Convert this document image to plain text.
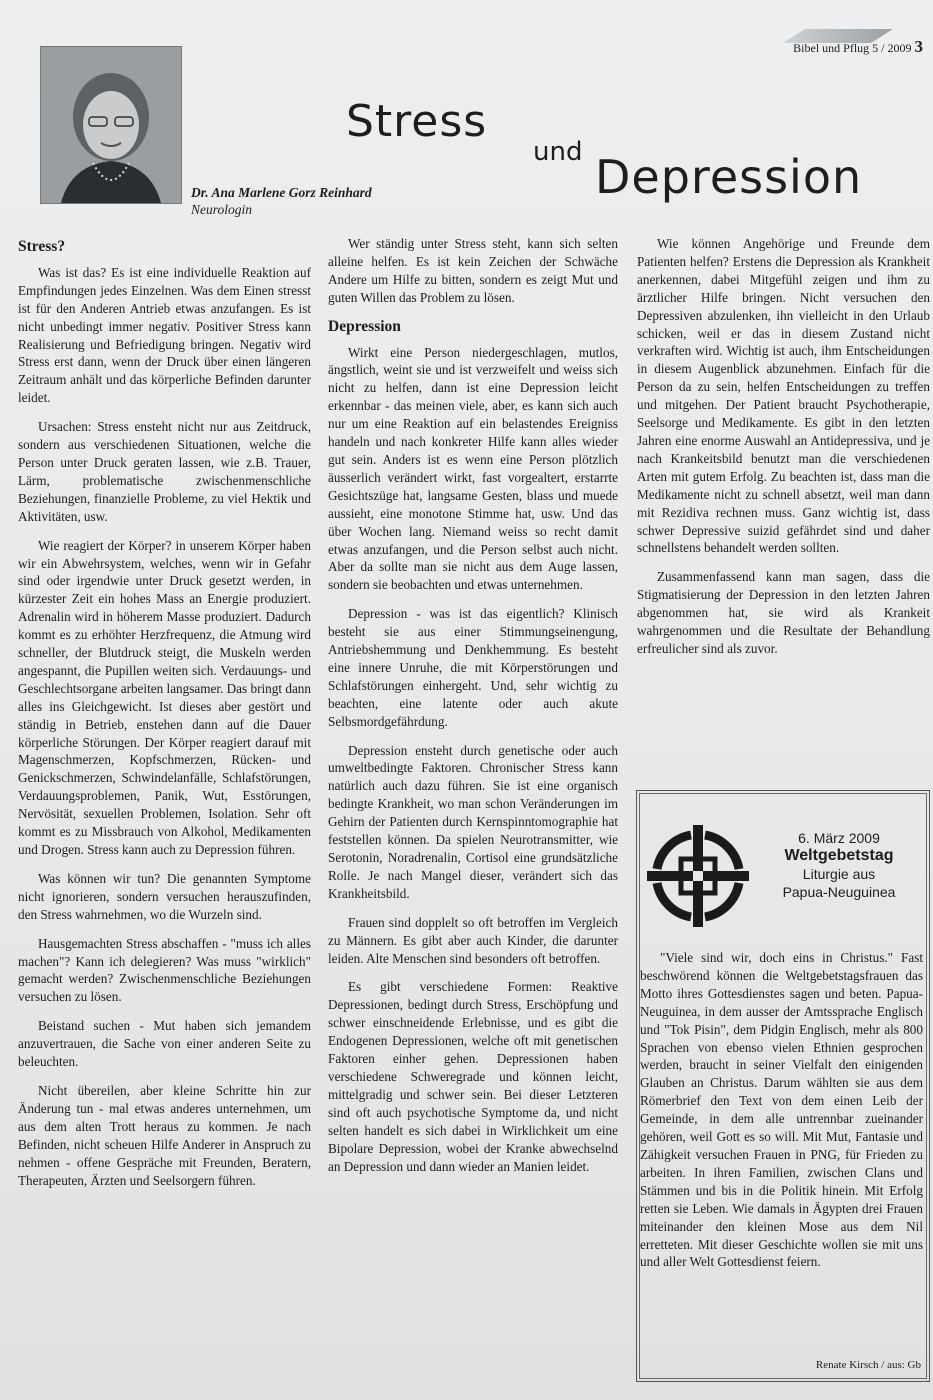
Bibel und Pflug 5 / 2009 3
Dr. Ana Marlene Gorz Reinhard
Neurologin
Stress
und Depression
Stress?

Was ist das? Es ist eine individuelle Reaktion auf Empfindungen jedes Einzelnen. Was dem Einen stresst ist für den Anderen Antrieb etwas anzufangen. Es ist nicht unbedingt immer negativ. Positiver Stress kann Realisierung und Befriedigung bringen. Negativ wird Stress erst dann, wenn der Druck über einen längeren Zeitraum anhält und das körperliche Befinden darunter leidet.

Ursachen: Stress ensteht nicht nur aus Zeitdruck, sondern aus verschiedenen Situationen, welche die Person unter Druck geraten lassen, wie z.B. Trauer, Lärm, problematische zwischenmenschliche Beziehungen, finanzielle Probleme, zu viel Hektik und Aktivitäten, usw.

Wie reagiert der Körper? in unserem Körper haben wir ein Abwehrsystem, welches, wenn wir in Gefahr sind oder irgendwie unter Druck gesetzt werden, in kürzester Zeit ein hohes Mass an Energie produziert. Adrenalin wird in höherem Masse produziert. Dadurch kommt es zu erhöhter Herzfrequenz, die Atmung wird schneller, der Blutdruck steigt, die Muskeln werden angespannt, die Pupillen weiten sich. Verdauungs- und Geschlechtsorgane arbeiten langsamer. Das bringt dann alles ins Gleichgewicht. Ist dieses aber gestört und ständig in Betrieb, enstehen dann auf die Dauer körperliche Störungen. Der Körper reagiert darauf mit Magenschmerzen, Kopfschmerzen, Rücken- und Genickschmerzen, Schwindelanfälle, Schlafstörungen, Verdauungsproblemen, Panik, Wut, Esstörungen, Nervösität, sexuellen Problemen, Isolation. Sehr oft kommt es zu Missbrauch von Alkohol, Medikamenten und Drogen. Stress kann auch zu Depression führen.

Was können wir tun? Die genannten Symptome nicht ignorieren, sondern versuchen herauszufinden, den Stress wahrnehmen, wo die Wurzeln sind.

Hausgemachten Stress abschaffen - "muss ich alles machen"? Kann ich delegieren? Was muss "wirklich" gemacht werden? Zwischenmenschliche Beziehungen versuchen zu lösen.

Beistand suchen - Mut haben sich jemandem anzuvertrauen, die Sache von einer anderen Seite zu beleuchten.

Nicht übereilen, aber kleine Schritte hin zur Änderung tun - mal etwas anderes unternehmen, um aus dem alten Trott heraus zu kommen. Je nach Befinden, nicht scheuen Hilfe Anderer in Anspruch zu nehmen - offene Gespräche mit Freunden, Beratern, Therapeuten, Ärzten und Seelsorgern führen.

Wer ständig unter Stress steht, kann sich selten alleine helfen. Es ist kein Zeichen der Schwäche Andere um Hilfe zu bitten, sondern es zeigt Mut und guten Willen das Problem zu lösen.

Depression

Wirkt eine Person niedergeschlagen, mutlos, ängstlich, weint sie und ist verzweifelt und weiss sich nicht zu helfen, dann ist eine Depression leicht erkennbar - das meinen viele, aber, es kann sich auch nur um eine Reaktion auf ein belastendes Ereigniss handeln und nach konkreter Hilfe kann alles wieder gut sein. Anders ist es wenn eine Person plötzlich äusserlich verändert wirkt, fast vorgealtert, erstarrte Gesichtszüge hat, langsame Gesten, blass und muede aussieht, eine monotone Stimme hat, usw. Und das über Wochen lang. Niemand weiss so recht damit etwas anzufangen, und die Person selbst auch nicht. Aber da sollte man sie nicht aus dem Auge lassen, sondern sie beobachten und etwas unternehmen.

Depression - was ist das eigentlich? Klinisch besteht sie aus einer Stimmungseinengung, Antriebshemmung und Denkhemmung. Es besteht eine innere Unruhe, die mit Körperstörungen und Schlafstörungen einhergeht. Und, sehr wichtig zu beachten, eine latente oder auch akute Selbsmordgefährdung.

Depression ensteht durch genetische oder auch umweltbedingte Faktoren. Chronischer Stress kann natürlich auch dazu führen. Sie ist eine organisch bedingte Krankheit, wo man schon Veränderungen im Gehirn der Patienten durch Kernspinntomographie hat feststellen können. Da spielen Neurotransmitter, wie Serotonin, Noradrenalin, Cortisol eine grundsätzliche Rolle. Je nach Mangel dieser, verändert sich das Krankheitsbild.

Frauen sind dopplelt so oft betroffen im Vergleich zu Männern. Es gibt aber auch Kinder, die darunter leiden. Alte Menschen sind besonders oft betroffen.

Es gibt verschiedene Formen: Reaktive Depressionen, bedingt durch Stress, Erschöpfung und schwer einschneidende Erlebnisse, und es gibt die Endogenen Depressionen, welche oft mit genetischen Faktoren einher gehen. Depressionen haben verschiedene Schweregrade und können leicht, mittelgradig und schwer sein. Bei dieser Letzteren sind oft auch psychotische Symptome da, und nicht selten handelt es sich dabei in Wirklichkeit um eine Bipolare Depression, wobei der Kranke abwechselnd an Depression und dann wieder an Manien leidet.

Wie können Angehörige und Freunde dem Patienten helfen? Erstens die Depression als Krankheit anerkennen, dabei Mitgefühl zeigen und ihm zu ärztlicher Hilfe bringen. Nicht versuchen den Depressiven abzulenken, ihn vielleicht in den Urlaub schicken, weil er das in diesem Zustand nicht verkraften wird. Wichtig ist auch, ihm Entscheidungen in diesem Augenblick abzunehmen. Einfach für die Person da zu sein, helfen Entscheidungen zu treffen und mitgehen. Der Patient braucht Psychotherapie, Seelsorge und Medikamente. Es gibt in den letzten Jahren eine enorme Auswahl an Antidepressiva, und je nach Krankeitsbild benutzt man die verschiedenen Arten mit gutem Erfolg. Zu beachten ist, dass man die Medikamente nicht zu schnell absetzt, weil man dann mit Rezidiva rechnen muss. Ganz wichtig ist, dass schwer Depressive suizid gefährdet sind und daher schnellstens behandelt werden sollten.

Zusammenfassend kann man sagen, dass die Stigmatisierung der Depression in den letzten Jahren abgenommen hat, sie wird als Krankeit wahrgenommen und die Resultate der Behandlung erfreulicher sind als zuvor.

6. März 2009
Weltgebetstag
Liturgie aus
Papua-Neuguinea

"Viele sind wir, doch eins in Christus." Fast beschwörend können die Weltgebetstagsfrauen das Motto ihres Gottesdienstes sagen und beten. Papua-Neuguinea, in dem ausser der Amtssprache Englisch und "Tok Pisin", dem Pidgin Englisch, mehr als 800 Sprachen von ebenso vielen Ethnien gesprochen werden, braucht in seiner Vielfalt den einigenden Glauben an Christus. Darum wählten sie aus dem Römerbrief den Text von dem einen Leib der Gemeinde, in dem alle untrennbar zueinander gehören, weil Gott es so will. Mit Mut, Fantasie und Zähigkeit versuchen Frauen in PNG, für Frieden zu arbeiten. In ihren Familien, zwischen Clans und Stämmen und bis in die Politik hinein. Mit Erfolg retten sie Leben. Wie damals in Ägypten drei Frauen miteinander den kleinen Mose aus dem Nil erretteten. Mit dieser Geschichte wollen sie mit uns und aller Welt Gottesdienst feiern.

Renate Kirsch / aus: Gb
